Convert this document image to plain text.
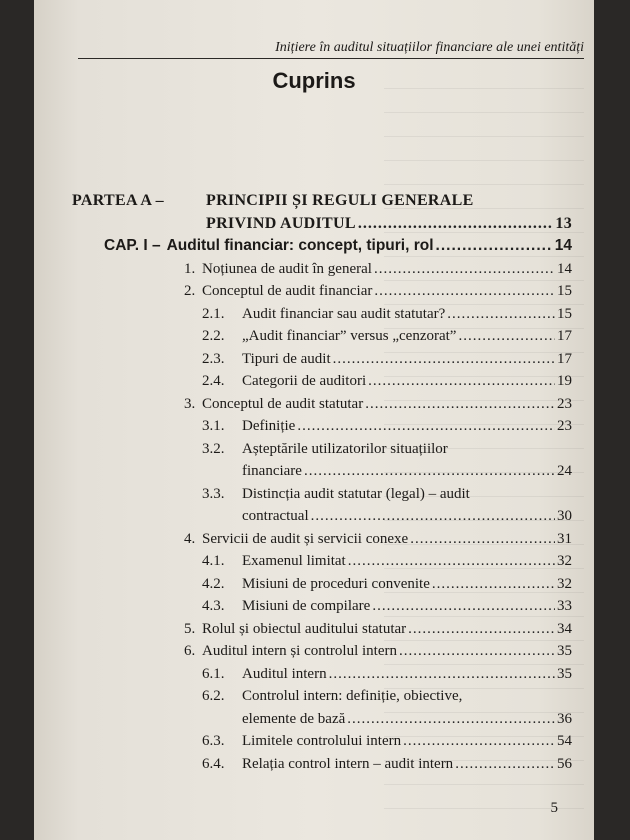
Inițiere în auditul situațiilor financiare ale unei entități
Cuprins
PARTEA A –	PRINCIPII ȘI REGULI GENERALE
PRIVIND AUDITUL .....	13
CAP. I – Auditul financiar: concept, tipuri, rol .....	14
1. Noțiunea de audit în general .....	14
2. Conceptul de audit financiar .....	15
2.1.	Audit financiar sau audit statutar? .....	15
2.2.	„Audit financiar” versus „cenzorat” .....	17
2.3.	Tipuri de audit .....	17
2.4.	Categorii de auditori .....	19
3. Conceptul de audit statutar .....	23
3.1.	Definiție .....	23
3.2.	Așteptările utilizatorilor situațiilor
financiare .....	24
3.3.	Distincția audit statutar (legal) – audit
contractual .....	30
4. Servicii de audit și servicii conexe .....	31
4.1.	Examenul limitat .....	32
4.2.	Misiuni de proceduri convenite .....	32
4.3.	Misiuni de compilare .....	33
5. Rolul și obiectul auditului statutar .....	34
6. Auditul intern și controlul intern .....	35
6.1.	Auditul intern .....	35
6.2.	Controlul intern: definiție, obiective,
elemente de bază .....	36
6.3.	Limitele controlului intern .....	54
6.4.	Relația control intern – audit intern .....	56
5
